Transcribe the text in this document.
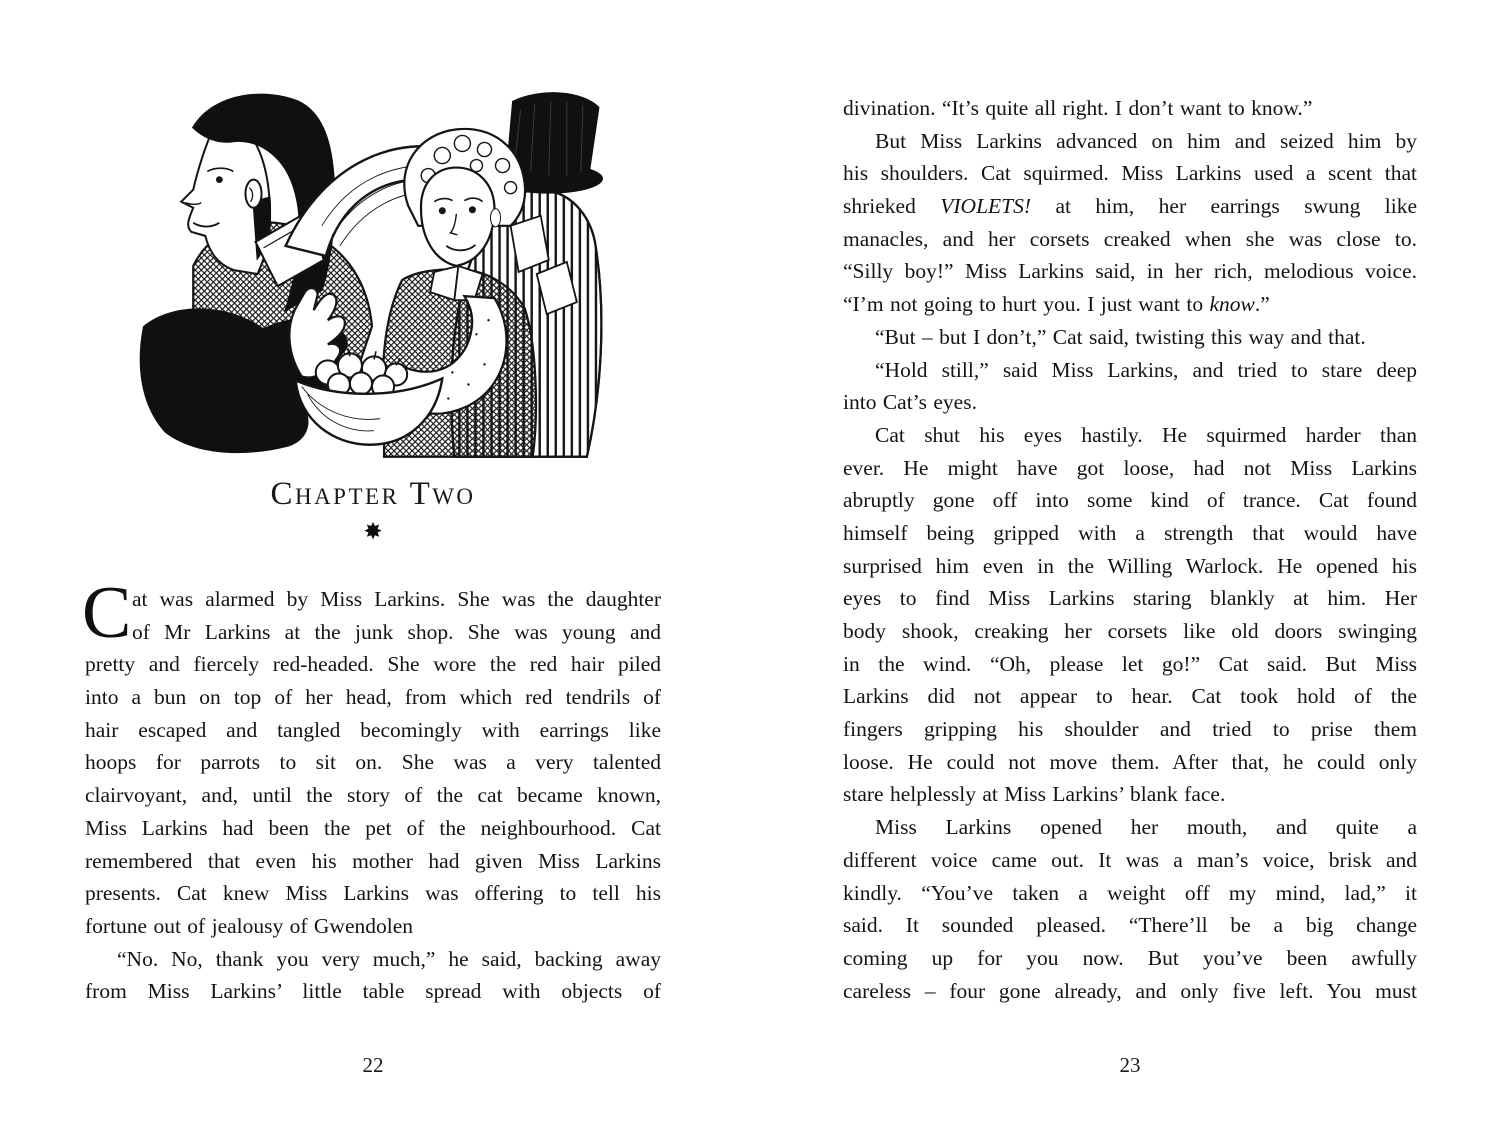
Chapter Two
✸
C at was alarmed by Miss Larkins. She was the daughter
of Mr Larkins at the junk shop. She was young and
pretty and fiercely red-headed. She wore the red hair piled
into a bun on top of her head, from which red tendrils of
hair escaped and tangled becomingly with earrings like
hoops for parrots to sit on. She was a very talented
clairvoyant, and, until the story of the cat became known,
Miss Larkins had been the pet of the neighbourhood. Cat
remembered that even his mother had given Miss Larkins
presents. Cat knew Miss Larkins was offering to tell his
fortune out of jealousy of Gwendolen
“No. No, thank you very much,” he said, backing away
from Miss Larkins’ little table spread with objects of
22
divination. “It’s quite all right. I don’t want to know.”
But Miss Larkins advanced on him and seized him by
his shoulders. Cat squirmed. Miss Larkins used a scent that
shrieked VIOLETS! at him, her earrings swung like
manacles, and her corsets creaked when she was close to.
“Silly boy!” Miss Larkins said, in her rich, melodious voice.
“I’m not going to hurt you. I just want to know.”
“But – but I don’t,” Cat said, twisting this way and that.
“Hold still,” said Miss Larkins, and tried to stare deep
into Cat’s eyes.
Cat shut his eyes hastily. He squirmed harder than
ever. He might have got loose, had not Miss Larkins
abruptly gone off into some kind of trance. Cat found
himself being gripped with a strength that would have
surprised him even in the Willing Warlock. He opened his
eyes to find Miss Larkins staring blankly at him. Her
body shook, creaking her corsets like old doors swinging
in the wind. “Oh, please let go!” Cat said. But Miss
Larkins did not appear to hear. Cat took hold of the
fingers gripping his shoulder and tried to prise them
loose. He could not move them. After that, he could only
stare helplessly at Miss Larkins’ blank face.
Miss Larkins opened her mouth, and quite a
different voice came out. It was a man’s voice, brisk and
kindly. “You’ve taken a weight off my mind, lad,” it
said. It sounded pleased. “There’ll be a big change
coming up for you now. But you’ve been awfully
careless – four gone already, and only five left. You must
23
